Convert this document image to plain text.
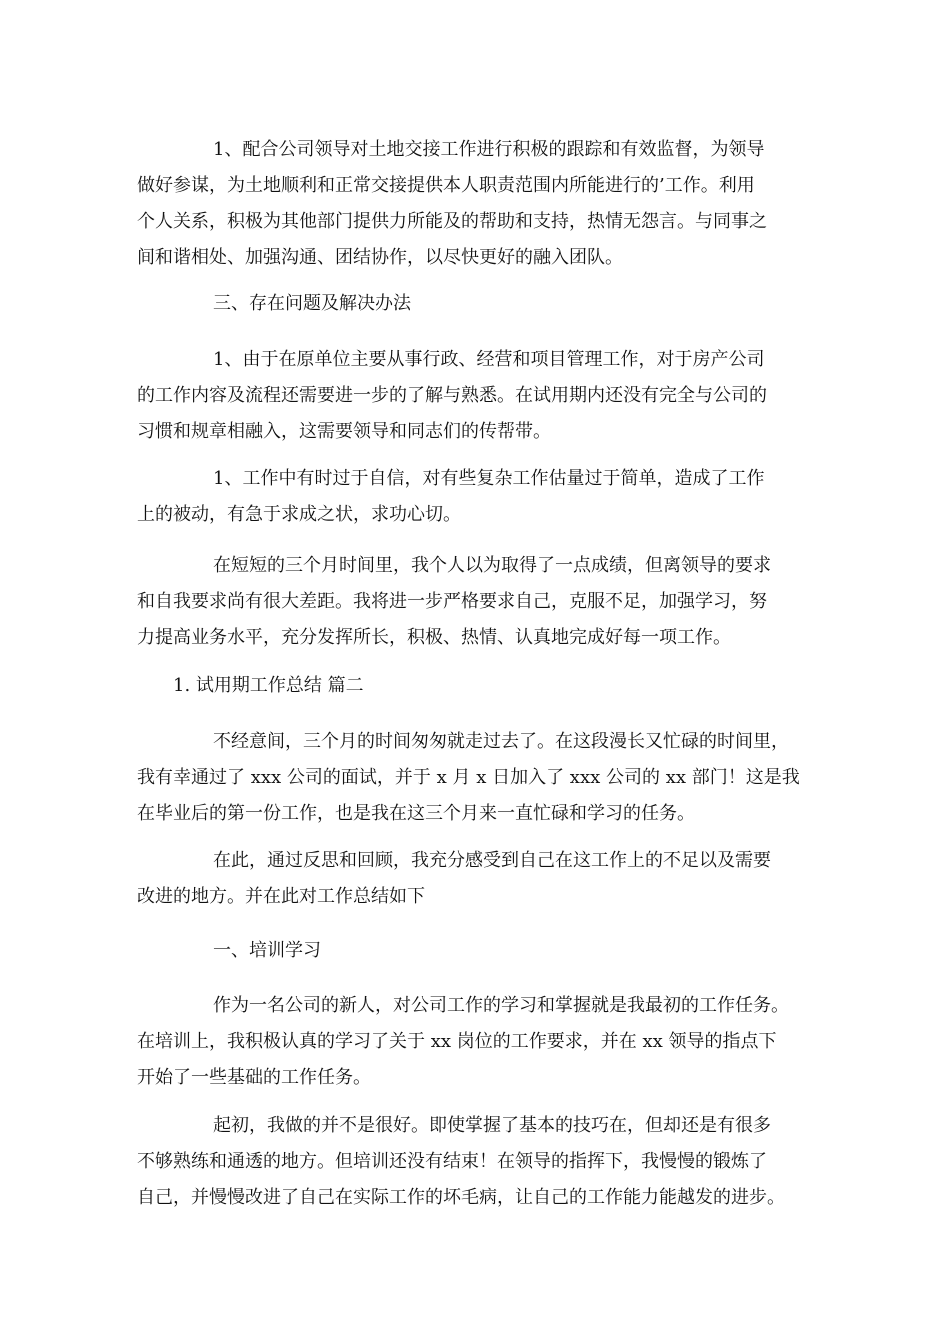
1、配合公司领导对土地交接工作进行积极的跟踪和有效监督，为领导
做好参谋，为土地顺利和正常交接提供本人职责范围内所能进行的’工作。利用
个人关系，积极为其他部门提供力所能及的帮助和支持，热情无怨言。与同事之
间和谐相处、加强沟通、团结协作，以尽快更好的融入团队。

三、存在问题及解决办法

1、由于在原单位主要从事行政、经营和项目管理工作，对于房产公司
的工作内容及流程还需要进一步的了解与熟悉。在试用期内还没有完全与公司的
习惯和规章相融入，这需要领导和同志们的传帮带。

1、工作中有时过于自信，对有些复杂工作估量过于简单，造成了工作
上的被动，有急于求成之状，求功心切。

在短短的三个月时间里，我个人以为取得了一点成绩，但离领导的要求
和自我要求尚有很大差距。我将进一步严格要求自己，克服不足，加强学习，努
力提高业务水平，充分发挥所长，积极、热情、认真地完成好每一项工作。

1. 试用期工作总结 篇二

不经意间，三个月的时间匆匆就走过去了。在这段漫长又忙碌的时间里，
我有幸通过了 xxx 公司的面试，并于 x 月 x 日加入了 xxx 公司的 xx 部门！这是我
在毕业后的第一份工作，也是我在这三个月来一直忙碌和学习的任务。

在此，通过反思和回顾，我充分感受到自己在这工作上的不足以及需要
改进的地方。并在此对工作总结如下

一、培训学习

作为一名公司的新人，对公司工作的学习和掌握就是我最初的工作任务。
在培训上，我积极认真的学习了关于 xx 岗位的工作要求，并在 xx 领导的指点下
开始了一些基础的工作任务。

起初，我做的并不是很好。即使掌握了基本的技巧在，但却还是有很多
不够熟练和通透的地方。但培训还没有结束！在领导的指挥下，我慢慢的锻炼了
自己，并慢慢改进了自己在实际工作的坏毛病，让自己的工作能力能越发的进步。
